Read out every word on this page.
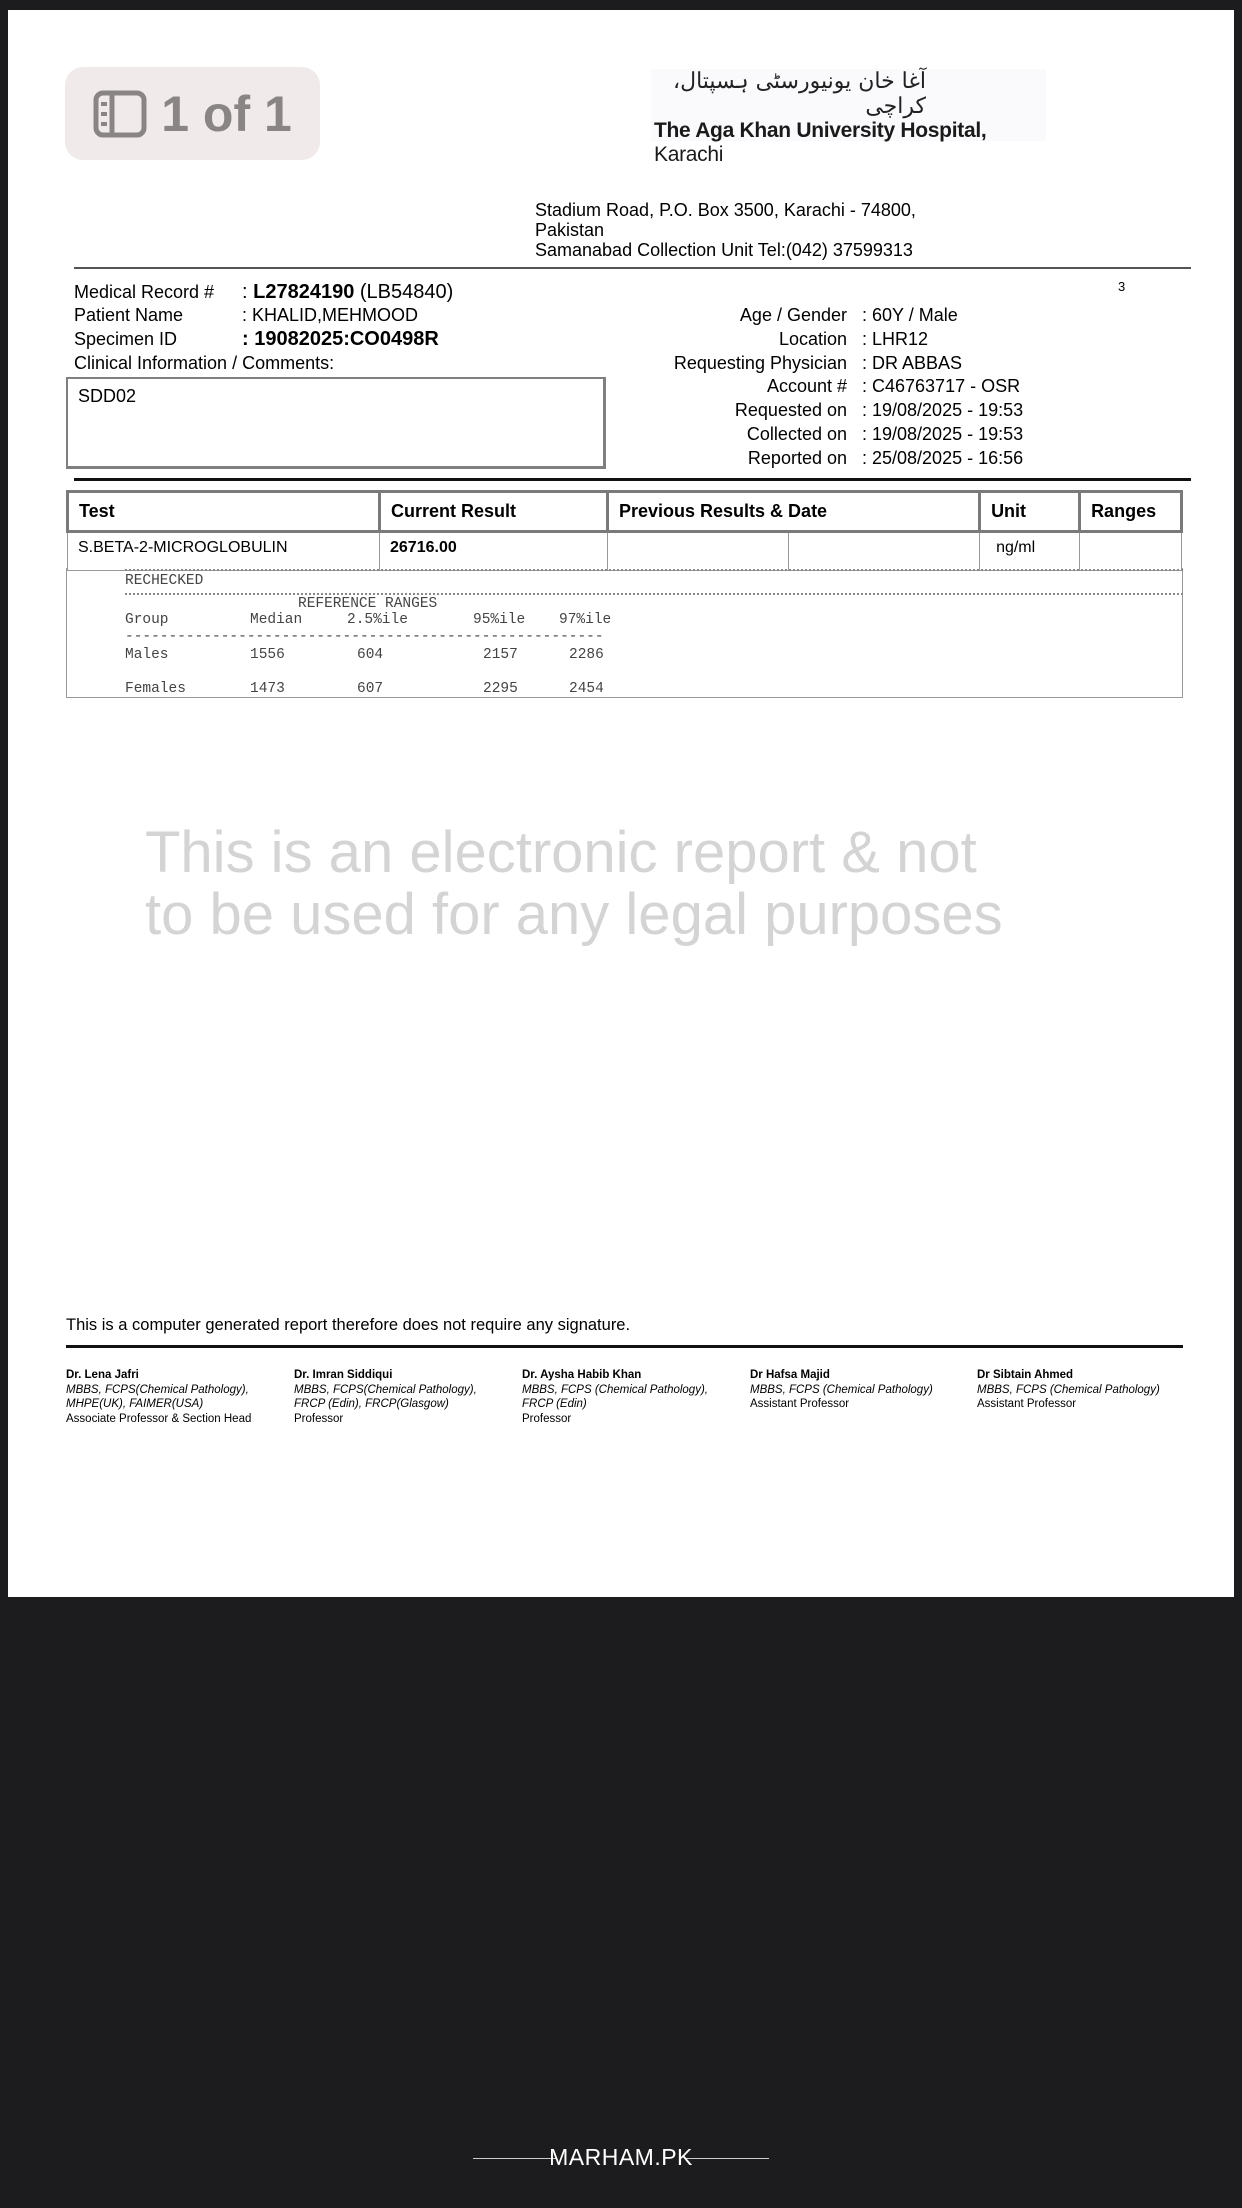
آغا خان یونیورسٹی ہسپتال، کراچی
The Aga Khan University Hospital, Karachi
Stadium Road, P.O. Box 3500, Karachi - 74800,
Pakistan
Samanabad Collection Unit Tel:(042) 37599313
3
Medical Record # : L27824190 (LB54840)
Patient Name	: KHALID,MEHMOOD
Specimen ID	: 19082025:CO0498R
Clinical Information / Comments:
SDD02
Test	Current Result	Previous Results & Date		Unit	Ranges
S.BETA-2-MICROGLOBULIN	26716.00			ng/ml	
RECHECKED
REFERENCE RANGES
-------------------------------------------------------
This is an electronic report & not
to be used for any legal purposes
This is a computer generated report therefore does not require any signature.
1 of 1
Age / Gender : 60Y / Male
Location : LHR12
Requesting Physician : DR ABBAS
Account # : C46763717 - OSR
Requested on : 19/08/2025 - 19:53
Collected on : 19/08/2025 - 19:53
Reported on : 25/08/2025 - 16:56
Group	Median	2.5%ile	95%ile 97%ile
Males	1556	604	2157	2286
Females	1473	607	2295	2454
Dr. Lena Jafri
MBBS, FCPS(Chemical Pathology),
MHPE(UK), FAIMER(USA)
Associate Professor & Section Head
Dr. Imran Siddiqui
MBBS, FCPS(Chemical Pathology),
FRCP (Edin), FRCP(Glasgow)
Professor
Dr. Aysha Habib Khan
MBBS, FCPS (Chemical Pathology),
FRCP (Edin)
Professor
Dr Hafsa Majid
MBBS, FCPS (Chemical Pathology)
Assistant Professor
Dr Sibtain Ahmed
MBBS, FCPS (Chemical Pathology)
Assistant Professor
MARHAM.PK
